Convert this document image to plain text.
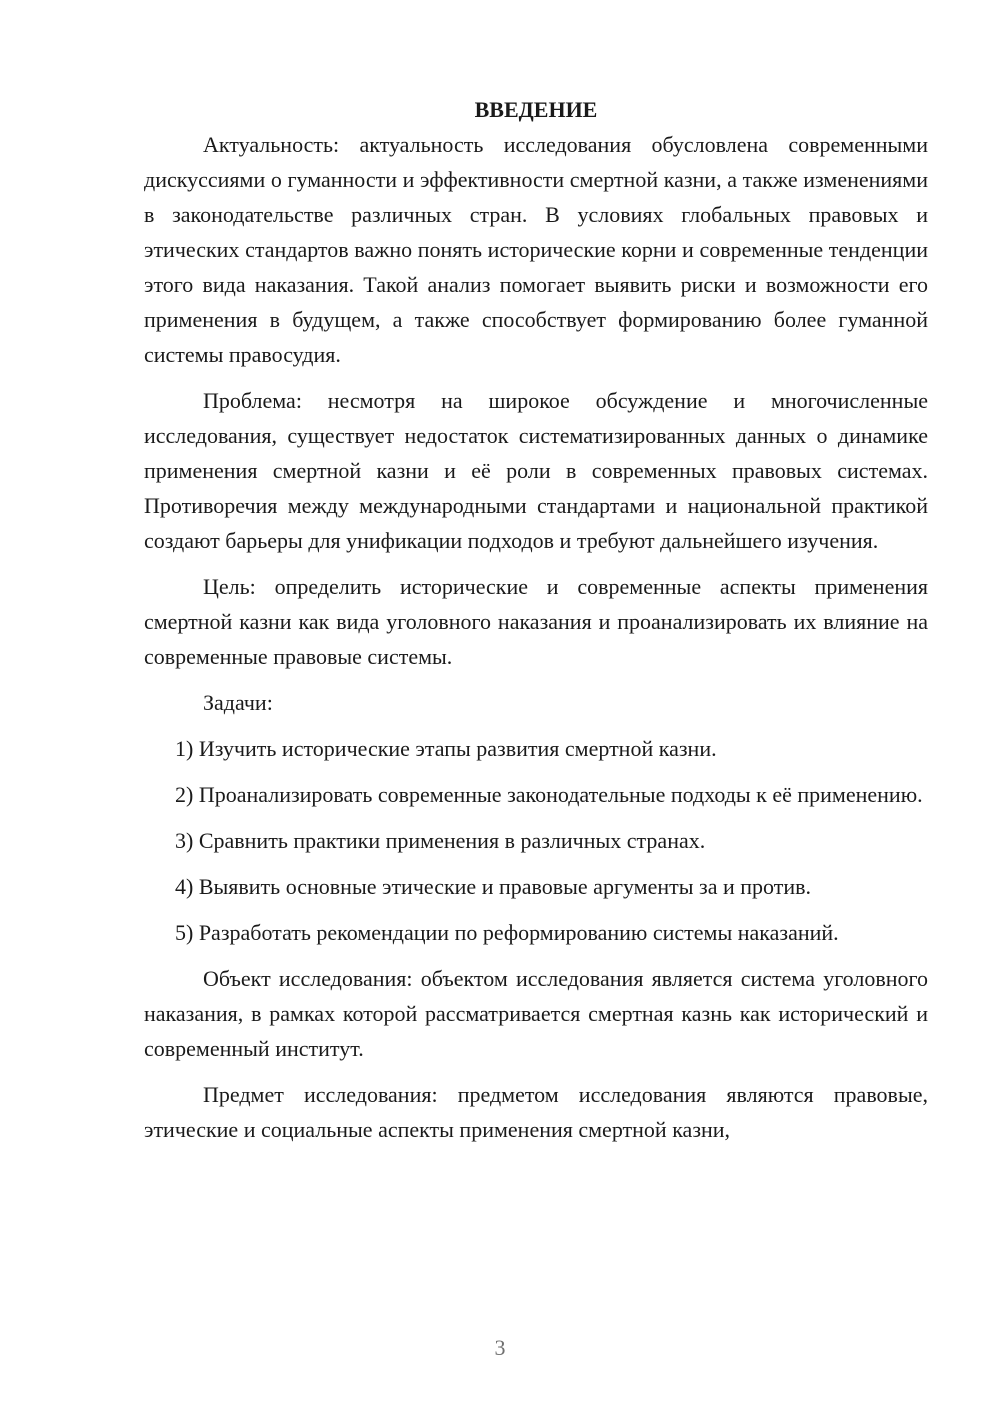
ВВЕДЕНИЕ

Актуальность: актуальность исследования обусловлена современными дискуссиями о гуманности и эффективности смертной казни, а также изменениями в законодательстве различных стран. В условиях глобальных правовых и этических стандартов важно понять исторические корни и современные тенденции этого вида наказания. Такой анализ помогает выявить риски и возможности его применения в будущем, а также способствует формированию более гуманной системы правосудия.

Проблема: несмотря на широкое обсуждение и многочисленные исследования, существует недостаток систематизированных данных о динамике применения смертной казни и её роли в современных правовых системах. Противоречия между международными стандартами и национальной практикой создают барьеры для унификации подходов и требуют дальнейшего изучения.

Цель: определить исторические и современные аспекты применения смертной казни как вида уголовного наказания и проанализировать их влияние на современные правовые системы.

Задачи:

1) Изучить исторические этапы развития смертной казни.

2) Проанализировать современные законодательные подходы к её применению.

3) Сравнить практики применения в различных странах.

4) Выявить основные этические и правовые аргументы за и против.

5) Разработать рекомендации по реформированию системы наказаний.

Объект исследования: объектом исследования является система уголовного наказания, в рамках которой рассматривается смертная казнь как исторический и современный институт.

Предмет исследования: предметом исследования являются правовые, этические и социальные аспекты применения смертной казни,

3
